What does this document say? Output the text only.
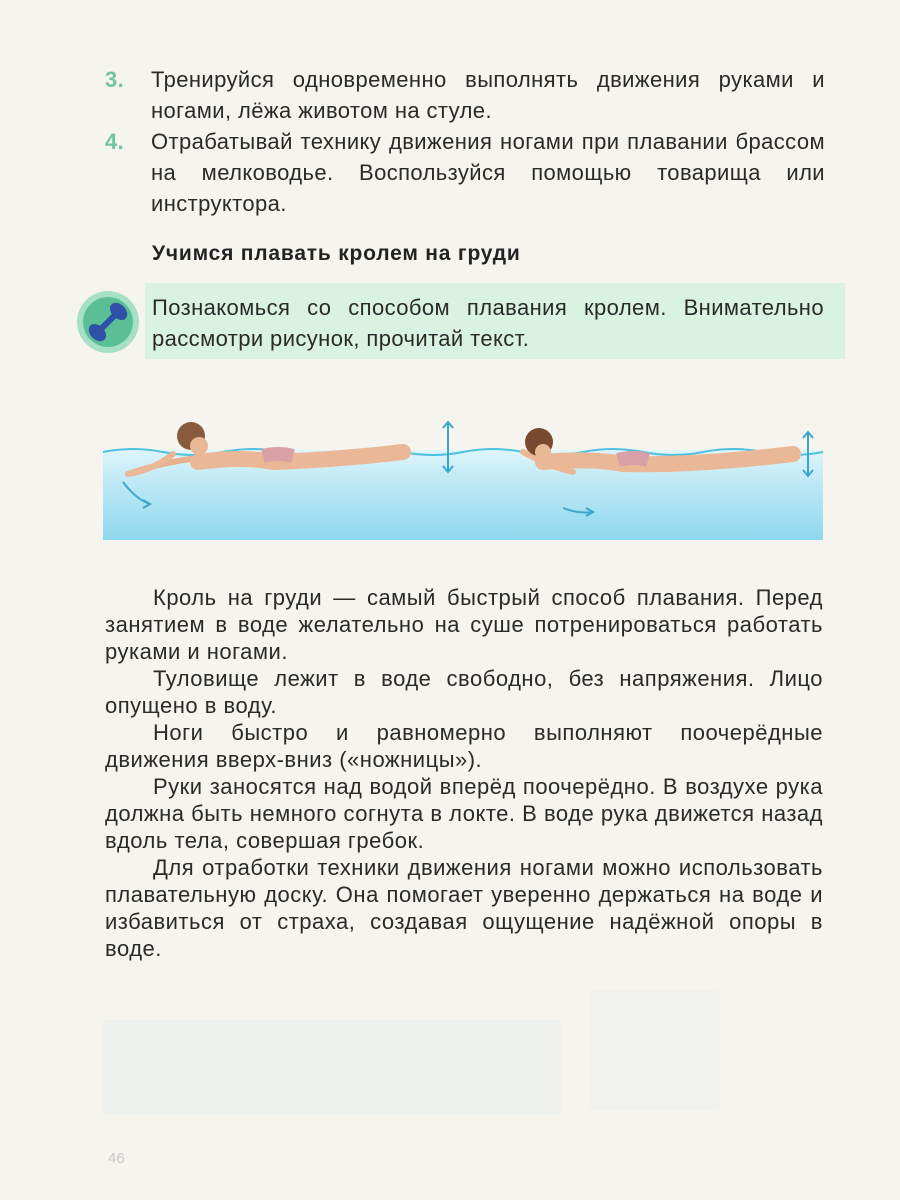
3.	Тренируйся одновременно выполнять движения руками и ногами, лёжа животом на стуле.
4.	Отрабатывай технику движения ногами при плавании брассом на мелководье. Воспользуйся помощью товарища или инструктора.
Учимся плавать кролем на груди
Познакомься со способом плавания кролем. Внимательно рассмотри рисунок, прочитай текст.

Кроль на груди — самый быстрый способ плавания. Перед занятием в воде желательно на суше потренироваться работать руками и ногами.

Туловище лежит в воде свободно, без напряжения. Лицо опущено в воду.

Ноги быстро и равномерно выполняют поочерёдные движения вверх-вниз («ножницы»).

Руки заносятся над водой вперёд поочерёдно. В воздухе рука должна быть немного согнута в локте. В воде рука движется назад вдоль тела, совершая гребок.

Для отработки техники движения ногами можно использовать плавательную доску. Она помогает уверенно держаться на воде и избавиться от страха, создавая ощущение надёжной опоры в воде.

46
